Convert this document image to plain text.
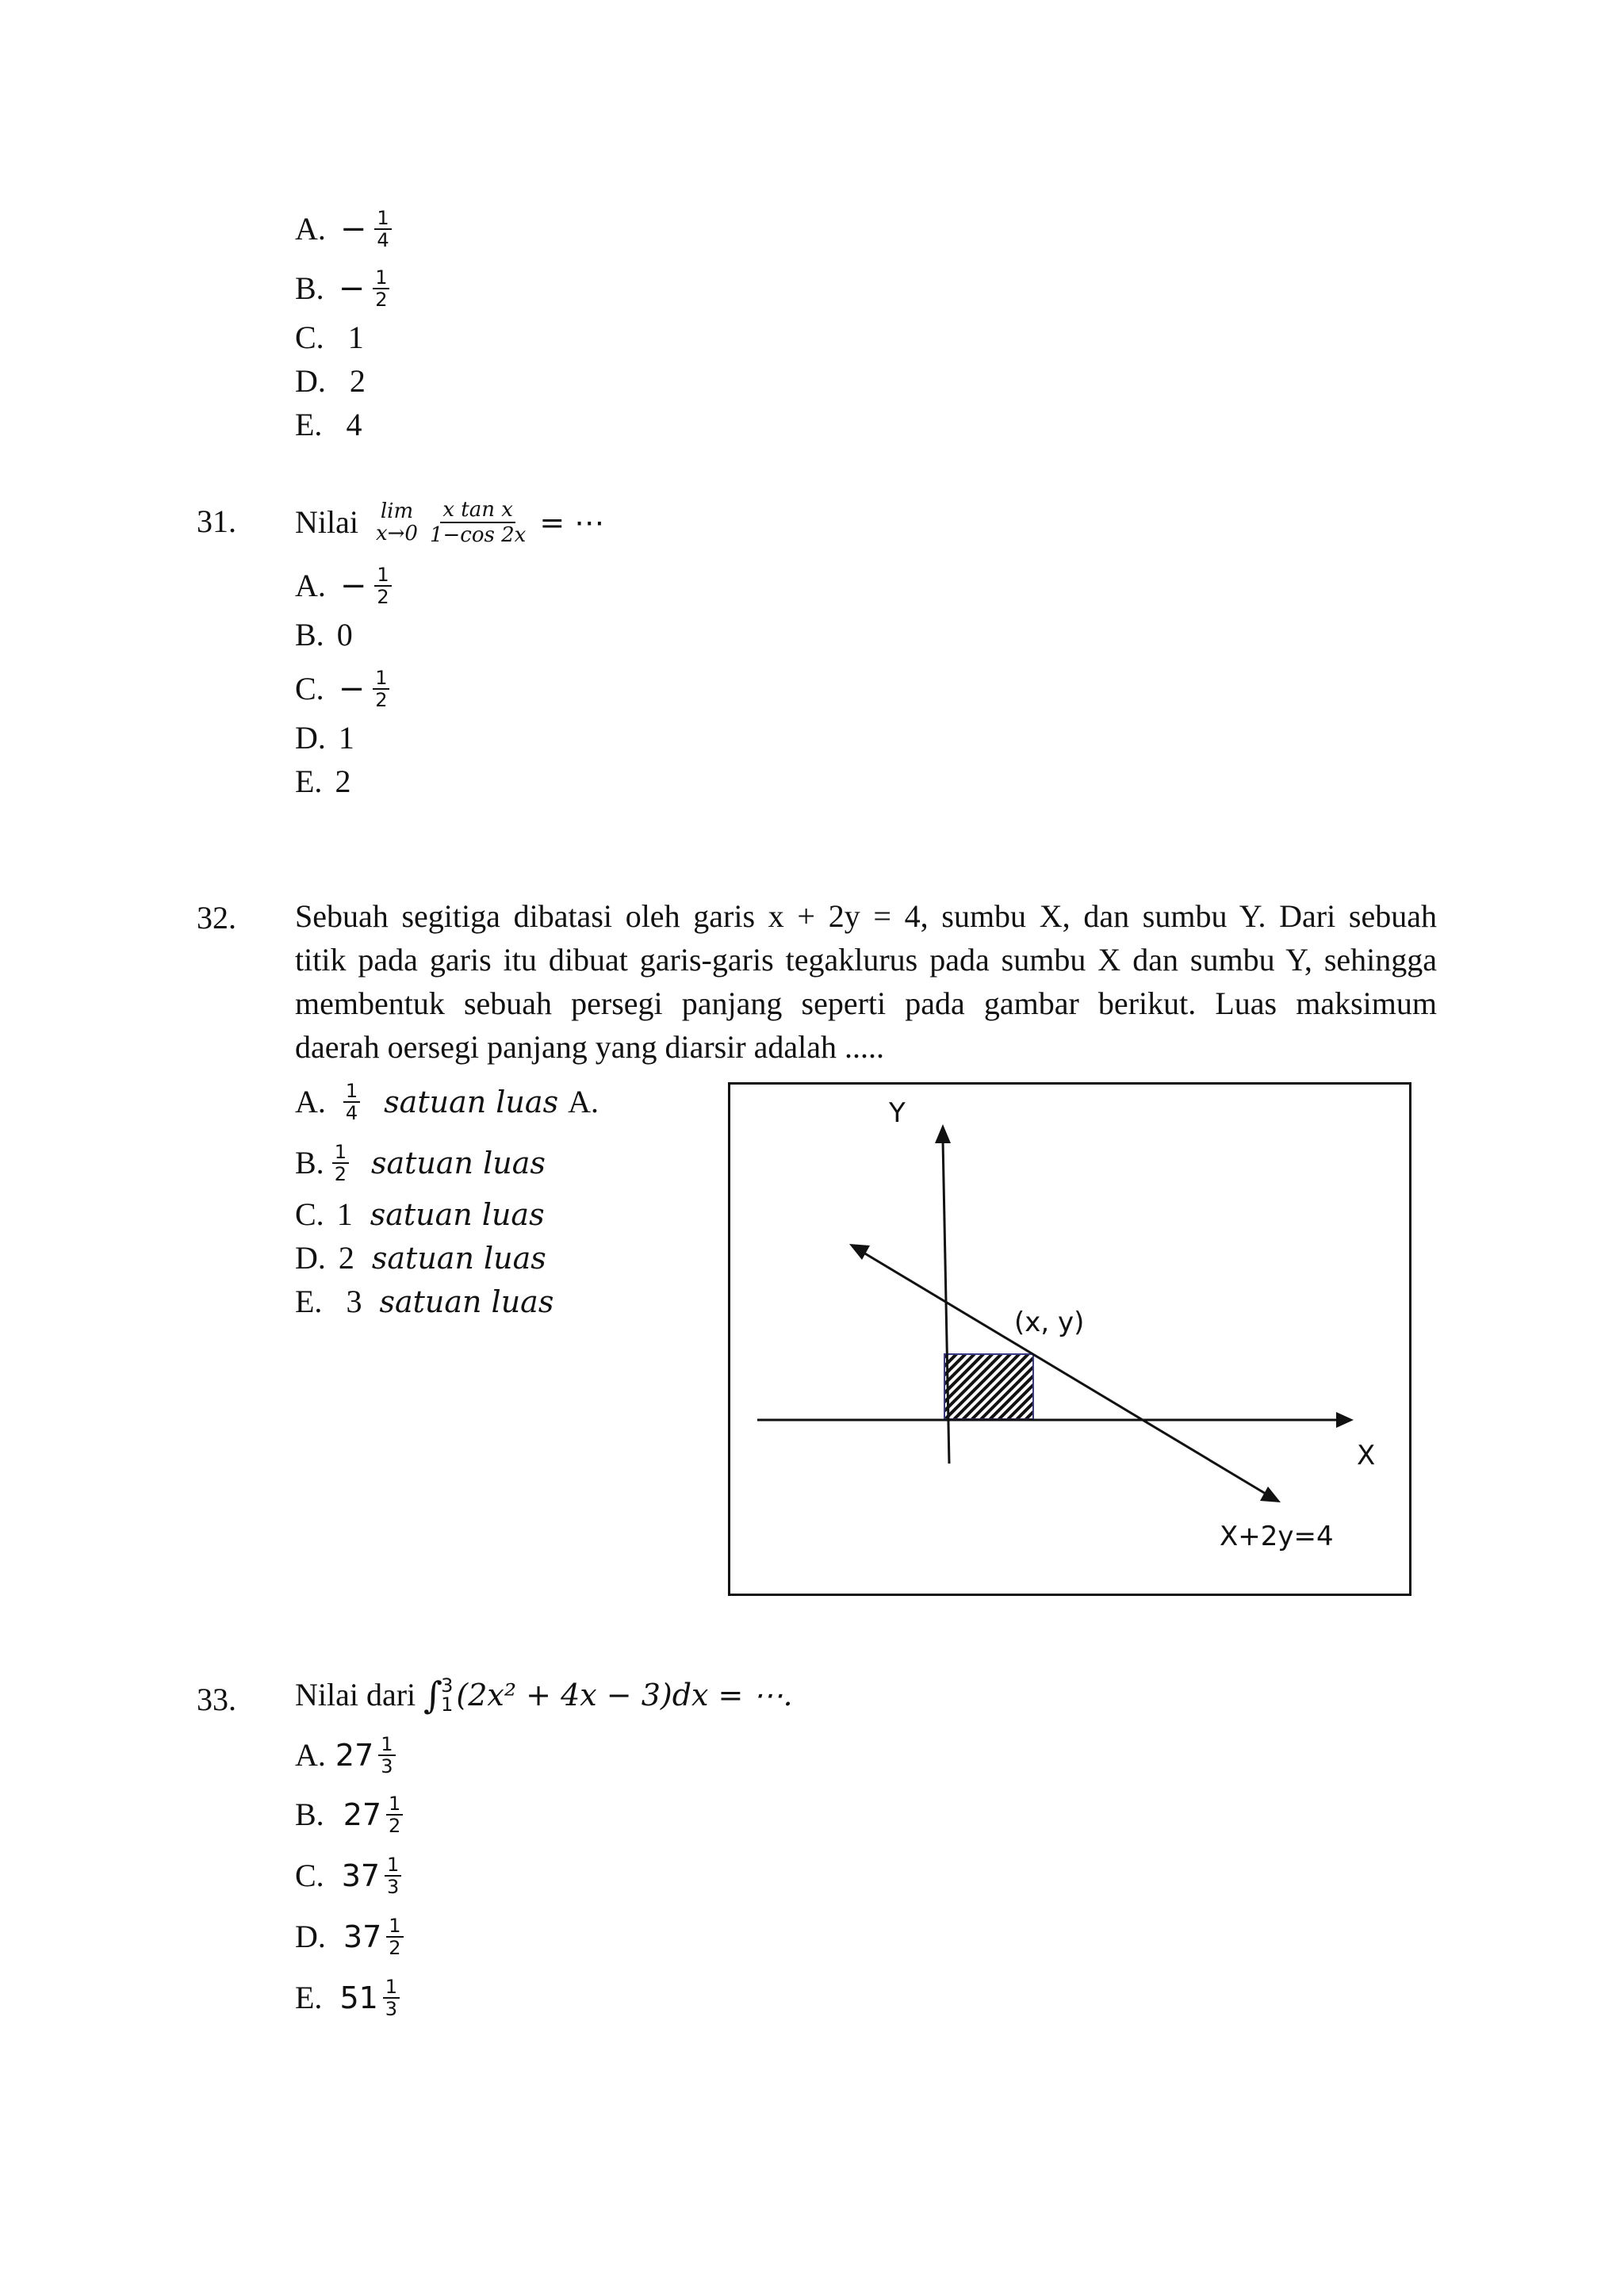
A. − $\frac{1}{4}$
B. − $\frac{1}{2}$
C. 1
D. 2
E. 4
31. Nilai lim
$x\to 0 \frac{\text{x tan x}}{1-\cos 2x}$ = ⋯
A. − $\frac{1}{2}$
B. 0
C. − $\frac{1}{2}$
D. 1
E. 2
32. Sebuah segitiga dibatasi oleh garis x + 2y = 4, sumbu X, dan sumbu Y. Dari sebuah

titik pada garis itu dibuat garis-garis tegaklurus pada sumbu X dan sumbu Y, sehingga

membentuk sebuah persegi panjang seperti pada gambar berikut. Luas maksimum

daerah oersegi panjang yang diarsir adalah .....

A. $\frac{1}{4}$ satuan luas A.
B. $\frac{1}{2}$ satuan luas
C. 1 satuan luas
D. 2 satuan luas
E. 3 satuan luas
Y
X
(x, y)
X+2y=4
33. Nilai dari ∫
3
1 (2x² + 4x − 3)dx = ⋯.
A. $27 \frac{1}{3}$
B. $27 \frac{1}{2}$
C. $37 \frac{1}{3}$
D. $37 \frac{1}{2}$
E. $51 \frac{1}{3}$
